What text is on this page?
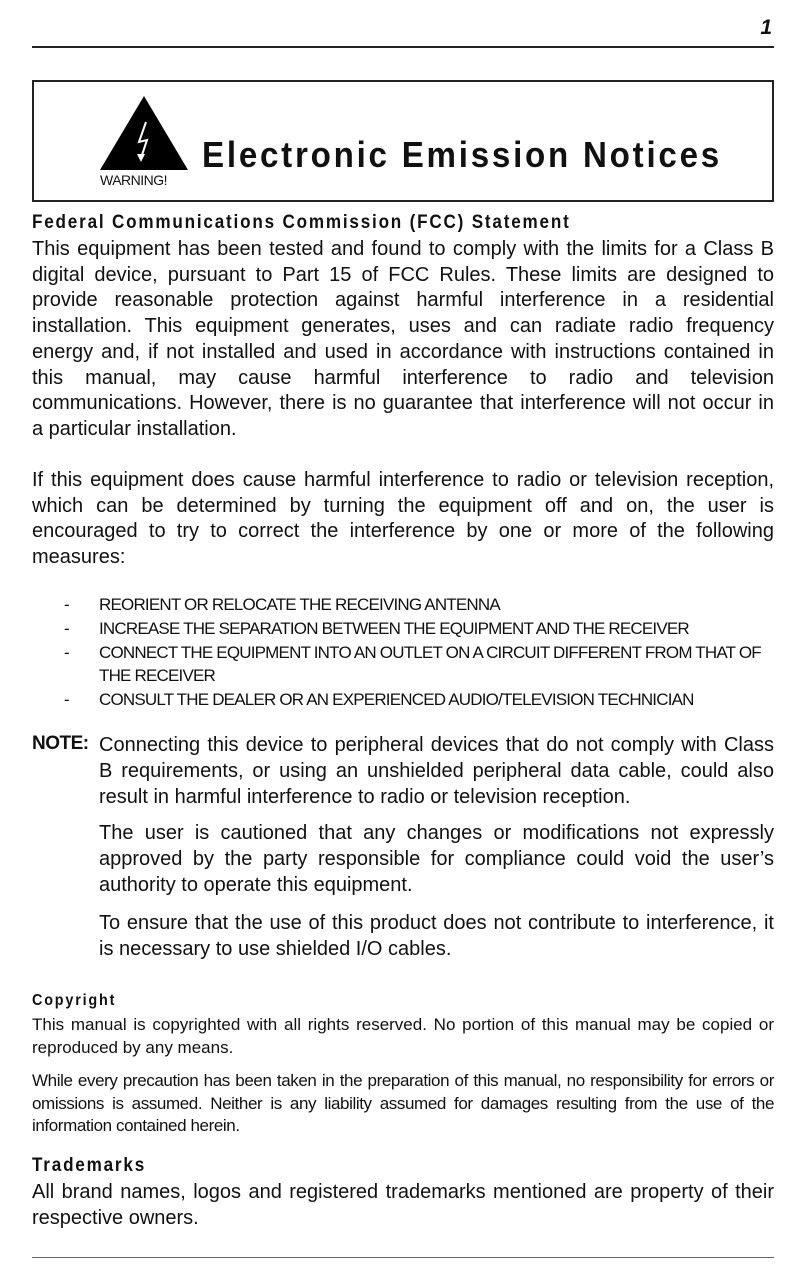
1
WARNING!
Electronic Emission Notices
Federal Communications Commission (FCC) Statement
This equipment has been tested and found to comply with the limits for a Class B digital device, pursuant to Part 15 of FCC Rules. These limits are designed to provide reasonable protection against harmful interference in a residential installation. This equipment generates, uses and can radiate radio frequency energy and, if not installed and used in accordance with instructions contained in this manual, may cause harmful interference to radio and television communications. However, there is no guarantee that interference will not occur in a particular installation.
If this equipment does cause harmful interference to radio or television reception, which can be determined by turning the equipment off and on, the user is encouraged to try to correct the interference by one or more of the following measures:
-	REORIENT OR RELOCATE THE RECEIVING ANTENNA
-	INCREASE THE SEPARATION BETWEEN THE EQUIPMENT AND THE RECEIVER
-	CONNECT THE EQUIPMENT INTO AN OUTLET ON A CIRCUIT DIFFERENT FROM THAT OF THE RECEIVER
-	CONSULT THE DEALER OR AN EXPERIENCED AUDIO/TELEVISION TECHNICIAN
NOTE: Connecting this device to peripheral devices that do not comply with Class B requirements, or using an unshielded peripheral data cable, could also result in harmful interference to radio or television reception.
The user is cautioned that any changes or modifications not expressly approved by the party responsible for compliance could void the user’s authority to operate this equipment.
To ensure that the use of this product does not contribute to interference, it is necessary to use shielded I/O cables.
Copyright
This manual is copyrighted with all rights reserved. No portion of this manual may be copied or reproduced by any means.
While every precaution has been taken in the preparation of this manual, no responsibility for errors or omissions is assumed. Neither is any liability assumed for damages resulting from the use of the information contained herein.
Trademarks
All brand names, logos and registered trademarks mentioned are property of their respective owners.
